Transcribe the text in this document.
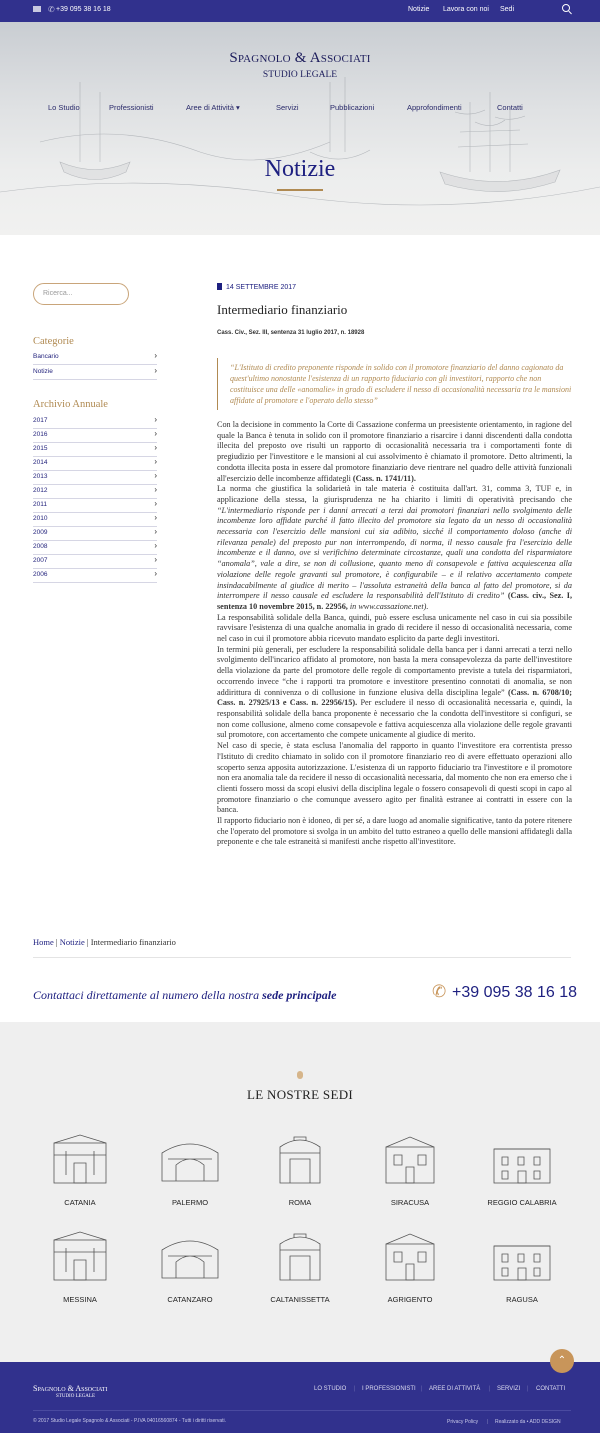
✆ +39 095 38 16 18	Notizie Lavora con noi Sedi
Spagnolo & Associati
STUDIO LEGALE
Lo Studio	Professionisti	Aree di Attività ▾	Servizi	Pubblicazioni	Approfondimenti	Contatti
Notizie
Ricerca...
Categorie
Bancario	›
Notizie	›
Archivio Annuale
2017	›
2016	›
2015	›
2014	›
2013	›
2012	›
2011	›
2010	›
2009	›
2008	›
2007	›
2006	›
14 SETTEMBRE 2017
Intermediario finanziario
Cass. Civ., Sez. III, sentenza 31 luglio 2017, n. 18928
“L'Istituto di credito preponente risponde in solido con il promotore finanziario del danno cagionato da quest'ultimo nonostante l'esistenza di un rapporto fiduciario con gli investitori, rapporto che non costituisce una delle «anomalie» in grado di escludere il nesso di occasionalità necessaria tra le mansioni affidate al promotore e l'operato dello stesso”

Con la decisione in commento la Corte di Cassazione conferma un preesistente orientamento, in ragione del quale la Banca è tenuta in solido con il promotore finanziario a risarcire i danni discendenti dalla condotta illecita del preposto ove risulti un rapporto di occasionalità necessaria tra i comportamenti fonte di pregiudizio per l'investitore e le mansioni al cui assolvimento è chiamato il promotore. Detto altrimenti, la condotta illecita posta in essere dal promotore finanziario deve rientrare nel quadro delle attività funzionali all'esercizio delle incombenze affidategli (Cass. n. 1741/11).

La norma che giustifica la solidarietà in tale materia è costituita dall'art. 31, comma 3, TUF e, in applicazione della stessa, la giurisprudenza ne ha chiarito i limiti di operatività precisando che “L'intermediario risponde per i danni arrecati a terzi dai promotori finanziari nello svolgimento delle incombenze loro affidate purché il fatto illecito del promotore sia legato da un nesso di occasionalità necessaria con l'esercizio delle mansioni cui sia adibito, sicché il comportamento doloso (anche di rilevanza penale) del preposto pur non interrompendo, di norma, il nesso causale fra l'esercizio delle incombenze e il danno, ove si verifichino determinate circostanze, quali una condotta del risparmiatore “anomala”, vale a dire, se non di collusione, quanto meno di consapevole e fattiva acquiescenza alla violazione delle regole gravanti sul promotore, è configurabile – e il relativo accertamento compete insindacabilmente al giudice di merito – l'assoluta estraneità della banca al fatto del promotore, si da interrompere il nesso causale ed escludere la responsabilità dell'Istituto di credito” (Cass. civ., Sez. I, sentenza 10 novembre 2015, n. 22956, in www.cassazione.net).

La responsabilità solidale della Banca, quindi, può essere esclusa unicamente nel caso in cui sia possibile ravvisare l'esistenza di una qualche anomalia in grado di recidere il nesso di occasionalità necessaria, come nel caso in cui il promotore abbia ricevuto mandato esplicito da parte degli investitori.

In termini più generali, per escludere la responsabilità solidale della banca per i danni arrecati a terzi nello svolgimento dell'incarico affidato al promotore, non basta la mera consapevolezza da parte dell'investitore della violazione da parte del promotore delle regole di comportamento previste a tutela dei risparmiatori, occorrendo invece “che i rapporti tra promotore e investitore presentino connotati di anomalia, se non addirittura di connivenza o di collusione in funzione elusiva della disciplina legale” (Cass. n. 6708/10; Cass. n. 27925/13 e Cass. n. 22956/15). Per escludere il nesso di occasionalità necessaria e, quindi, la responsabilità solidale della banca proponente è necessario che la condotta dell'investitore si configuri, se non come collusione, almeno come consapevole e fattiva acquiescenza alla violazione delle regole gravanti sul promotore, con accertamento che compete unicamente al giudice di merito.

Nel caso di specie, è stata esclusa l'anomalia del rapporto in quanto l'investitore era correntista presso l'Istituto di credito chiamato in solido con il promotore finanziario reo di avere effettuato operazioni allo scoperto senza apposita autorizzazione. L'esistenza di un rapporto fiduciario tra l'investitore e il promotore non era anomalia tale da recidere il nesso di occasionalità necessaria, dal momento che non era emerso che i clienti fossero mossi da scopi elusivi della disciplina legale o fossero consapevoli di questi scopi in capo al promotore finanziario o che comunque avessero agito per finalità estranee ai contratti in essere con la banca.

Il rapporto fiduciario non è idoneo, di per sé, a dare luogo ad anomalie significative, tanto da potere ritenere che l'operato del promotore si svolga in un ambito del tutto estraneo a quello delle mansioni affidategli dalla preponente e che tale estraneità si manifesti anche rispetto all'investitore.

Home | Notizie | Intermediario finanziario
Contattaci direttamente al numero della nostra sede principale	✆ +39 095 38 16 18
LE NOSTRE SEDI
CATANIA	PALERMO	ROMA	SIRACUSA	REGGIO CALABRIA
MESSINA	CATANZARO	CALTANISSETTA	AGRIGENTO	RAGUSA
⌃
Spagnolo & Associati
STUDIO LEGALE
LO STUDIO | I PROFESSIONISTI | AREE DI ATTIVITÀ | SERVIZI | CONTATTI
© 2017 Studio Legale Spagnolo & Associati - P.IVA 04016560874 - Tutti i diritti riservati.	Privacy Policy | Realizzato da • ADD DESIGN
